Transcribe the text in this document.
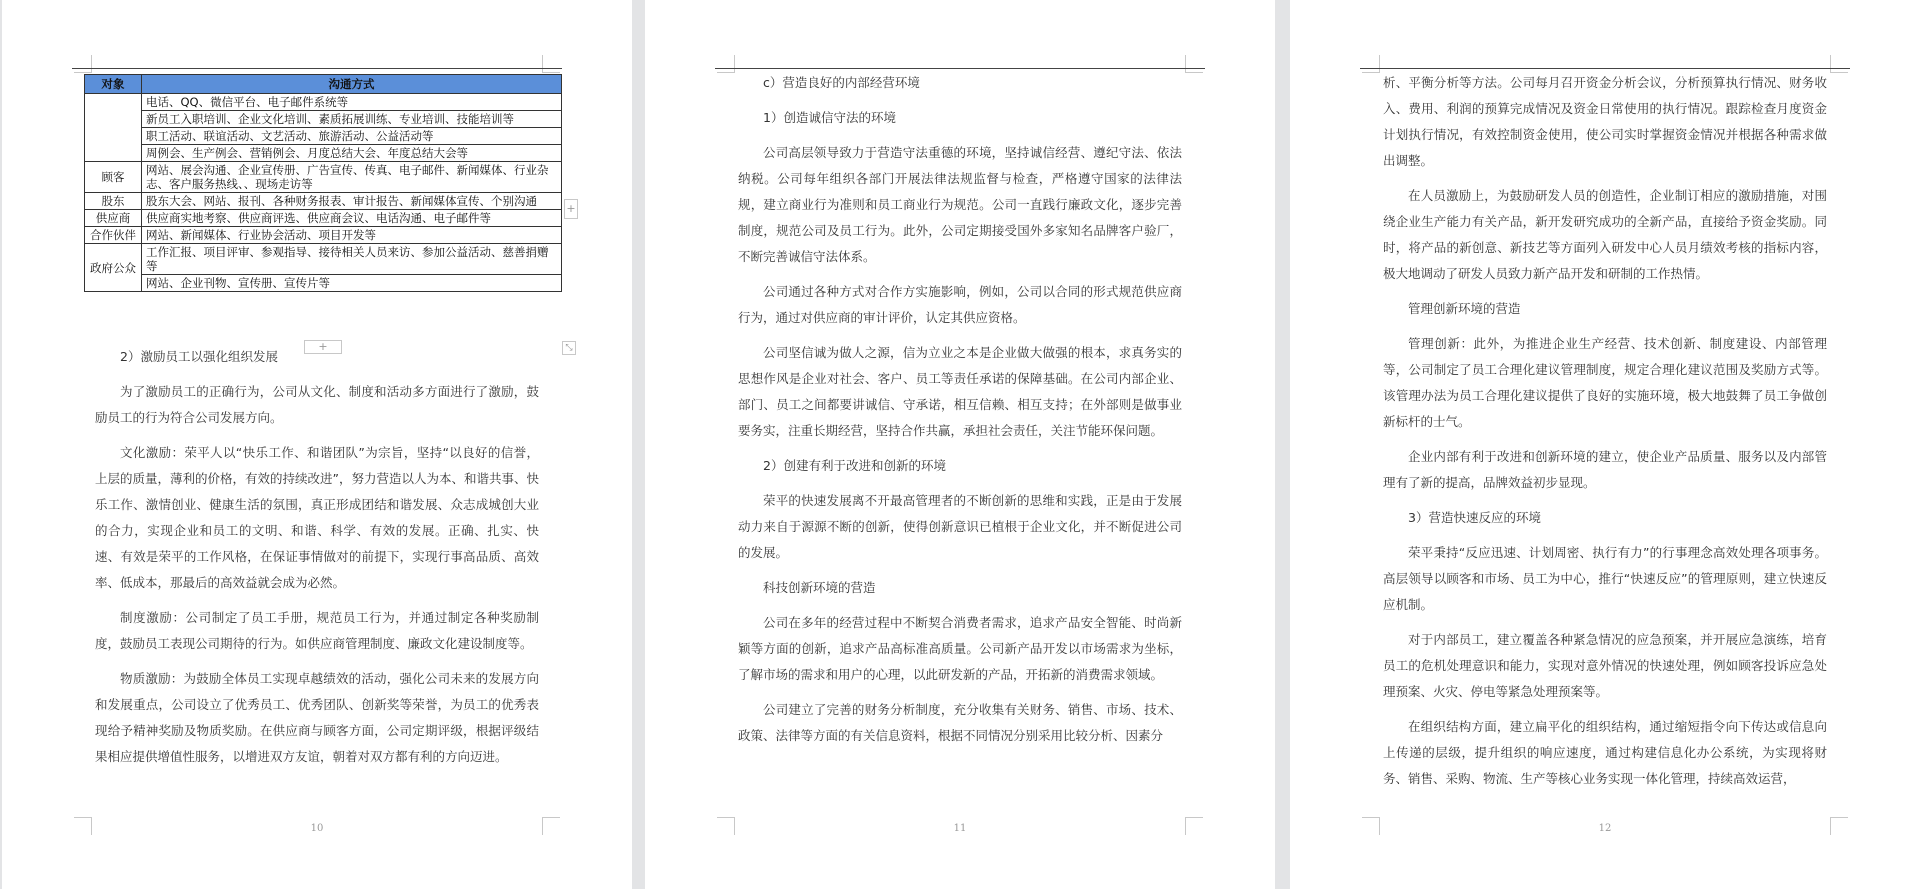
对象	沟通方式
	电话、QQ、微信平台、电子邮件系统等
	新员工入职培训、企业文化培训、素质拓展训练、专业培训、技能培训等
	职工活动、联谊活动、文艺活动、旅游活动、公益活动等
	周例会、生产例会、营销例会、月度总结大会、年度总结大会等
顾客	网站、展会沟通、企业宣传册、广告宣传、传真、电子邮件、新闻媒体、行业杂志、客户服务热线、、现场走访等
股东	股东大会、网站、报刊、各种财务报表、审计报告、新闻媒体宣传、个别沟通
供应商	供应商实地考察、供应商评选、供应商会议、电话沟通、电子邮件等
合作伙伴	网站、新闻媒体、行业协会活动、项目开发等
政府公众	工作汇报、项目评审、参观指导、接待相关人员来访、参加公益活动、慈善捐赠等
	网站、企业刊物、宣传册、宣传片等
+
+	⤡

2）激励员工以强化组织发展

为了激励员工的正确行为，公司从文化、制度和活动多方面进行了激励，鼓励员工的行为符合公司发展方向。

文化激励：荣平人以“快乐工作、和谐团队”为宗旨，坚持“以良好的信誉，上层的质量，薄利的价格，有效的持续改进”，努力营造以人为本、和谐共事、快乐工作、激情创业、健康生活的氛围，真正形成团结和谐发展、众志成城创大业的合力，实现企业和员工的文明、和谐、科学、有效的发展。正确、扎实、快速、有效是荣平的工作风格，在保证事情做对的前提下，实现行事高品质、高效率、低成本，那最后的高效益就会成为必然。

制度激励：公司制定了员工手册，规范员工行为，并通过制定各种奖励制度，鼓励员工表现公司期待的行为。如供应商管理制度、廉政文化建设制度等。

物质激励：为鼓励全体员工实现卓越绩效的活动，强化公司未来的发展方向和发展重点，公司设立了优秀员工、优秀团队、创新奖等荣誉，为员工的优秀表现给予精神奖励及物质奖励。在供应商与顾客方面，公司定期评级，根据评级结果相应提供增值性服务，以增进双方友谊，朝着对双方都有利的方向迈进。

10

c）营造良好的内部经营环境

1）创造诚信守法的环境

公司高层领导致力于营造守法重德的环境，坚持诚信经营、遵纪守法、依法纳税。公司每年组织各部门开展法律法规监督与检查，严格遵守国家的法律法规，建立商业行为准则和员工商业行为规范。公司一直践行廉政文化，逐步完善制度，规范公司及员工行为。此外，公司定期接受国外多家知名品牌客户验厂，不断完善诚信守法体系。

公司通过各种方式对合作方实施影响，例如，公司以合同的形式规范供应商行为，通过对供应商的审计评价，认定其供应资格。

公司坚信诚为做人之源，信为立业之本是企业做大做强的根本，求真务实的思想作风是企业对社会、客户、员工等责任承诺的保障基础。在公司内部企业、部门、员工之间都要讲诚信、守承诺，相互信赖、相互支持；在外部则是做事业要务实，注重长期经营，坚持合作共赢，承担社会责任，关注节能环保问题。

2）创建有利于改进和创新的环境

荣平的快速发展离不开最高管理者的不断创新的思维和实践，正是由于发展动力来自于源源不断的创新，使得创新意识已植根于企业文化，并不断促进公司的发展。

科技创新环境的营造

公司在多年的经营过程中不断契合消费者需求，追求产品安全智能、时尚新颖等方面的创新，追求产品高标准高质量。公司新产品开发以市场需求为坐标，了解市场的需求和用户的心理，以此研发新的产品，开拓新的消费需求领域。

公司建立了完善的财务分析制度，充分收集有关财务、销售、市场、技术、政策、法律等方面的有关信息资料，根据不同情况分别采用比较分析、因素分

11

析、平衡分析等方法。公司每月召开资金分析会议，分析预算执行情况、财务收入、费用、利润的预算完成情况及资金日常使用的执行情况。跟踪检查月度资金计划执行情况，有效控制资金使用，使公司实时掌握资金情况并根据各种需求做出调整。

在人员激励上，为鼓励研发人员的创造性，企业制订相应的激励措施，对围绕企业生产能力有关产品，新开发研究成功的全新产品，直接给予资金奖励。同时，将产品的新创意、新技艺等方面列入研发中心人员月绩效考核的指标内容，极大地调动了研发人员致力新产品开发和研制的工作热情。

管理创新环境的营造

管理创新：此外，为推进企业生产经营、技术创新、制度建设、内部管理等，公司制定了员工合理化建议管理制度，规定合理化建议范围及奖励方式等。该管理办法为员工合理化建议提供了良好的实施环境，极大地鼓舞了员工争做创新标杆的士气。

企业内部有利于改进和创新环境的建立，使企业产品质量、服务以及内部管理有了新的提高，品牌效益初步显现。

3）营造快速反应的环境

荣平秉持“反应迅速、计划周密、执行有力”的行事理念高效处理各项事务。高层领导以顾客和市场、员工为中心，推行“快速反应”的管理原则，建立快速反应机制。

对于内部员工，建立覆盖各种紧急情况的应急预案，并开展应急演练，培育员工的危机处理意识和能力，实现对意外情况的快速处理，例如顾客投诉应急处理预案、火灾、停电等紧急处理预案等。

在组织结构方面，建立扁平化的组织结构，通过缩短指令向下传达或信息向上传递的层级，提升组织的响应速度，通过构建信息化办公系统，为实现将财务、销售、采购、物流、生产等核心业务实现一体化管理，持续高效运营，

12
